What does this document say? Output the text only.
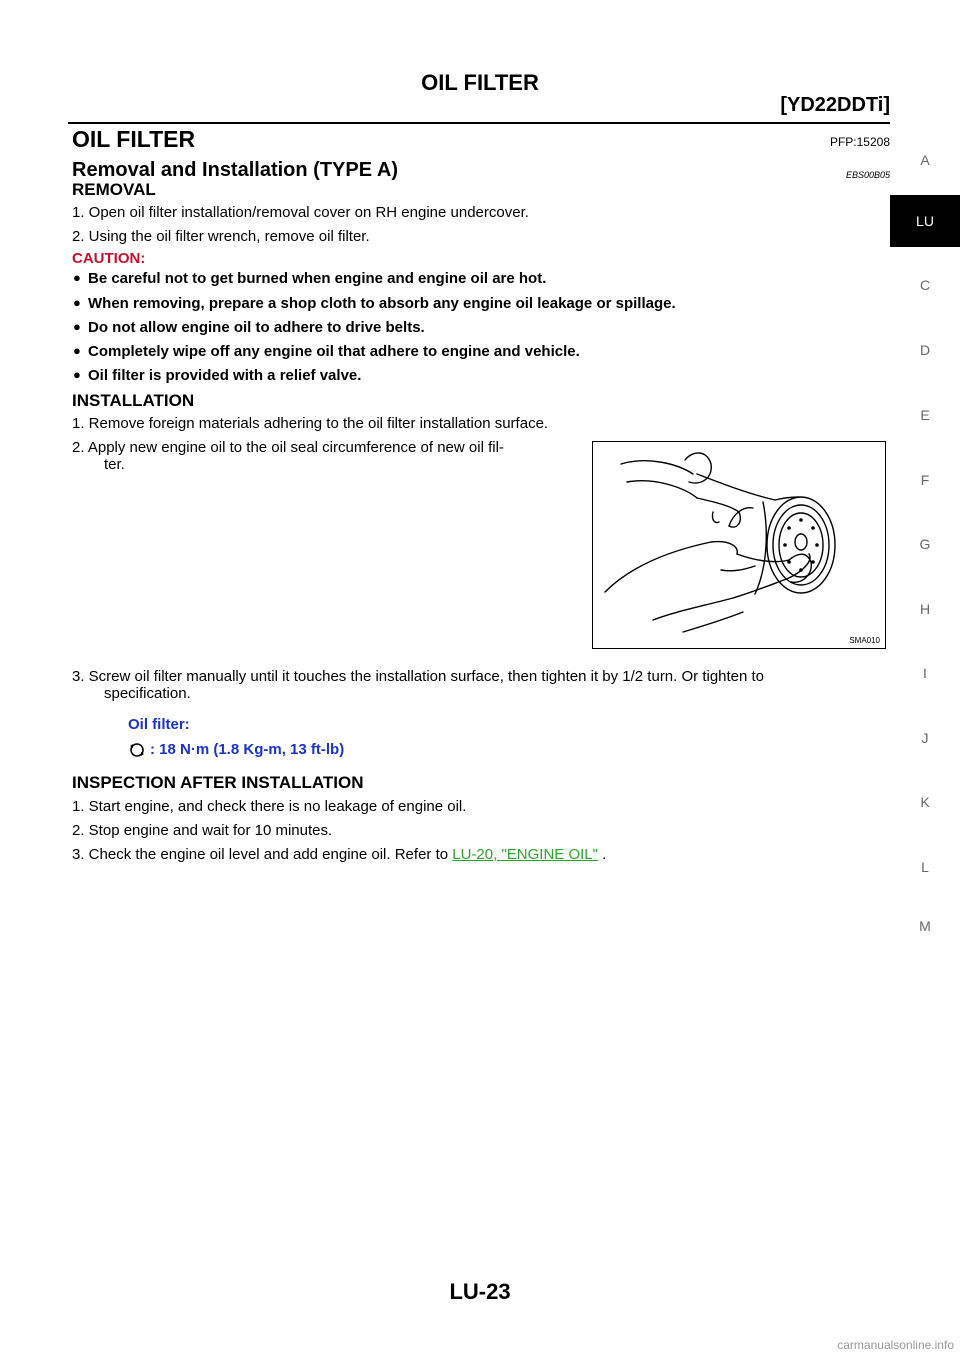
OIL FILTER
[YD22DDTi]
OIL FILTER	PFP:15208
Removal and Installation (TYPE A)	EBS00B05
REMOVAL
1. Open oil filter installation/removal cover on RH engine undercover.
2. Using the oil filter wrench, remove oil filter.
CAUTION:
● Be careful not to get burned when engine and engine oil are hot.
● When removing, prepare a shop cloth to absorb any engine oil leakage or spillage.
● Do not allow engine oil to adhere to drive belts.
● Completely wipe off any engine oil that adhere to engine and vehicle.
● Oil filter is provided with a relief valve.
INSTALLATION
1. Remove foreign materials adhering to the oil filter installation surface.
2. Apply new engine oil to the oil seal circumference of new oil fil-
ter.
SMA010
3. Screw oil filter manually until it touches the installation surface, then tighten it by 1/2 turn. Or tighten to
specification.
Oil filter:
: 18 N·m (1.8 Kg-m, 13 ft-lb)
INSPECTION AFTER INSTALLATION
1. Start engine, and check there is no leakage of engine oil.
2. Stop engine and wait for 10 minutes.
3. Check the engine oil level and add engine oil. Refer to LU-20, "ENGINE OIL" .
A
LU
C
D
E
F
G
H
I
J
K
L
M
LU-23
carmanualsonline.info
